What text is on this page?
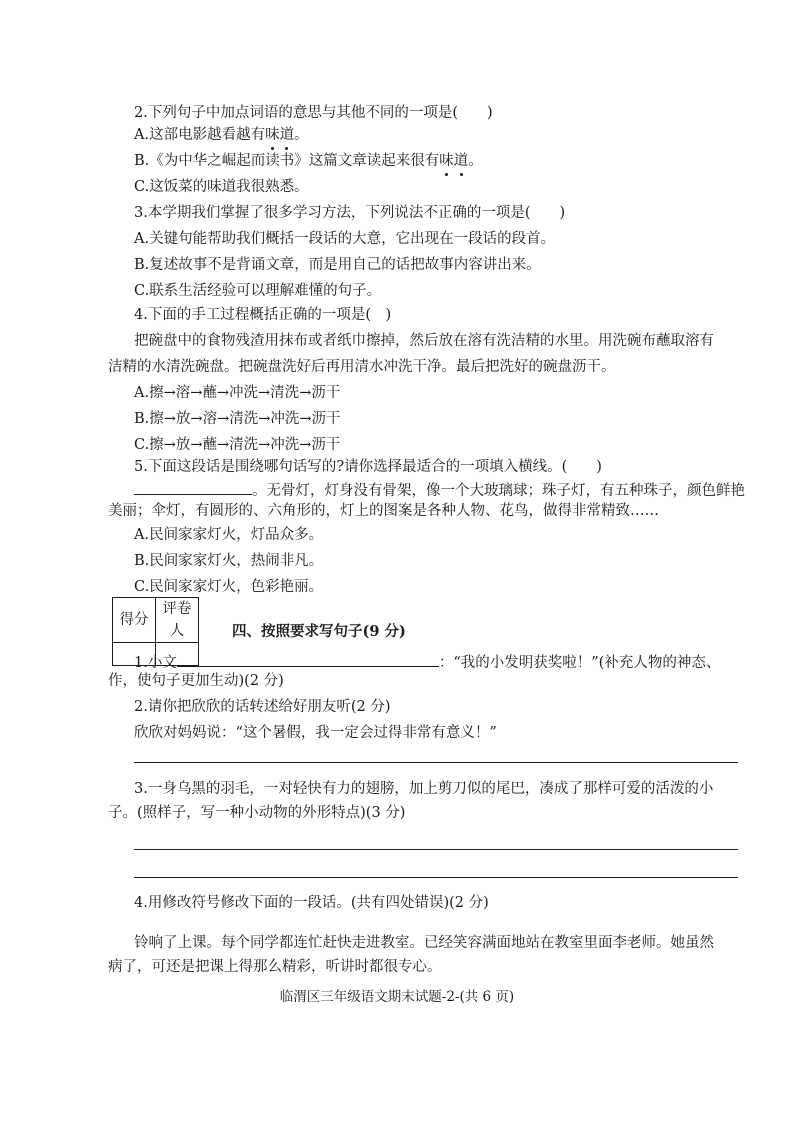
2.下列句子中加点词语的意思与其他不同的一项是(　　)
A.这部电影越看越有味道。
B.《为中华之崛起而读书》这篇文章读起来很有味道。
C.这饭菜的味道我很熟悉。
3.本学期我们掌握了很多学习方法，下列说法不正确的一项是(　　)
A.关键句能帮助我们概括一段话的大意，它出现在一段话的段首。
B.复述故事不是背诵文章，而是用自己的话把故事内容讲出来。
C.联系生活经验可以理解难懂的句子。
4.下面的手工过程概括正确的一项是(　)
把碗盘中的食物残渣用抹布或者纸巾擦掉，然后放在溶有洗洁精的水里。用洗碗布蘸取溶有
洁精的水清洗碗盘。把碗盘洗好后再用清水冲洗干净。最后把洗好的碗盘沥干。
A.擦→溶→蘸→冲洗→清洗→沥干
B.擦→放→溶→清洗→冲洗→沥干
C.擦→放→蘸→清洗→冲洗→沥干
5.下面这段话是围绕哪句话写的?请你选择最适合的一项填入横线。(　　)
。无骨灯，灯身没有骨架，像一个大玻璃球；珠子灯，有五种珠子，颜色鲜艳
美丽；伞灯，有圆形的、六角形的，灯上的图案是各种人物、花鸟，做得非常精致……
A.民间家家灯火，灯品众多。
B.民间家家灯火，热闹非凡。
C.民间家家灯火，色彩艳丽。
得分	评卷人
		四、按照要求写句子(9 分)
1.小文	：“我的小发明获奖啦！”(补充人物的神态、
作，使句子更加生动)(2 分)
2.请你把欣欣的话转述给好朋友听(2 分)
欣欣对妈妈说：“这个暑假，我一定会过得非常有意义！”
3.一身乌黑的羽毛，一对轻快有力的翅膀，加上剪刀似的尾巴，凑成了那样可爱的活泼的小
子。(照样子，写一种小动物的外形特点)(3 分)
4.用修改符号修改下面的一段话。(共有四处错误)(2 分)
铃响了上课。每个同学都连忙赶快走进教室。已经笑容满面地站在教室里面李老师。她虽然
病了，可还是把课上得那么精彩，听讲时都很专心。
临渭区三年级语文期末试题-2-(共 6 页)
